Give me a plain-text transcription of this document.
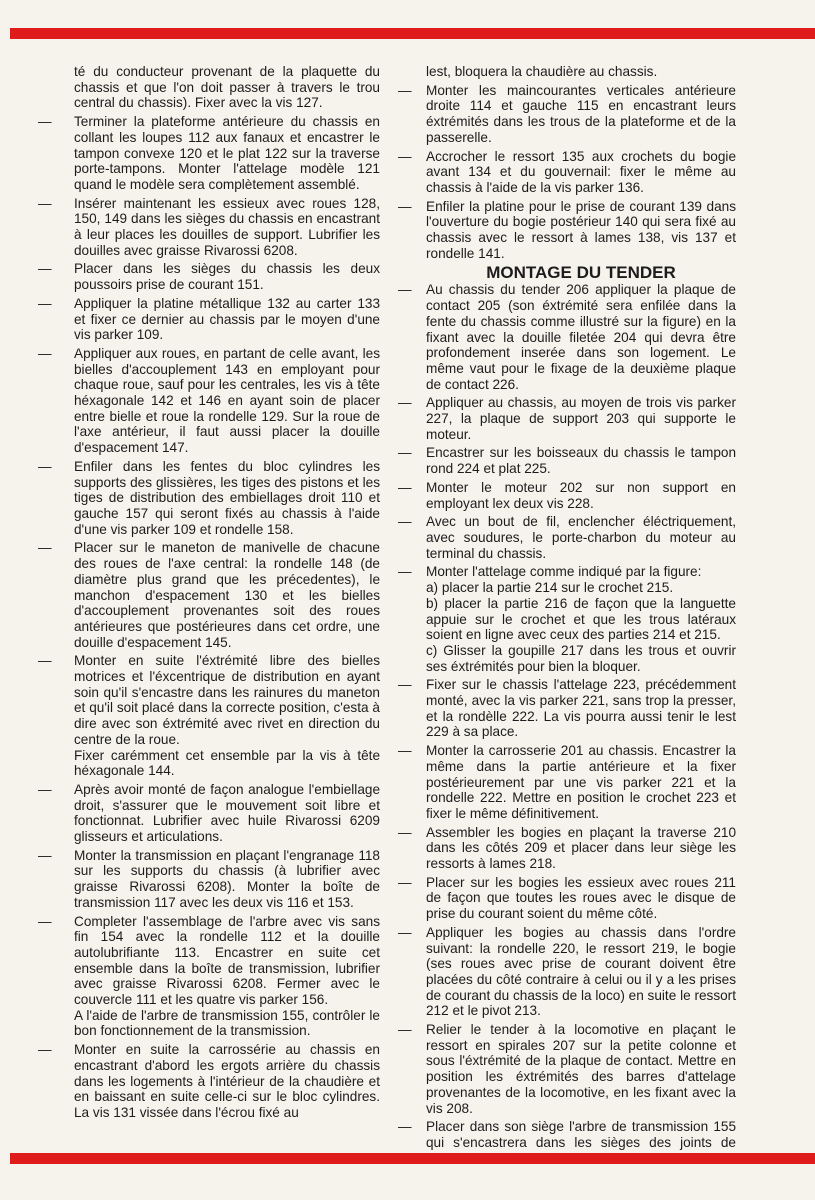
té du conducteur provenant de la plaquette du chassis et que l'on doit passer à travers le trou central du chassis). Fixer avec la vis 127.

— Terminer la plateforme antérieure du chassis en collant les loupes 112 aux fanaux et encastrer le tampon convexe 120 et le plat 122 sur la traverse porte-tampons. Monter l'attelage modèle 121 quand le modèle sera complètement assemblé.

— Insérer maintenant les essieux avec roues 128, 150, 149 dans les sièges du chassis en encastrant à leur places les douilles de support. Lubrifier les douilles avec graisse Rivarossi 6208.

— Placer dans les sièges du chassis les deux poussoirs prise de courant 151.

— Appliquer la platine métallique 132 au carter 133 et fixer ce dernier au chassis par le moyen d'une vis parker 109.

— Appliquer aux roues, en partant de celle avant, les bielles d'accouplement 143 en employant pour chaque roue, sauf pour les centrales, les vis à tête héxagonale 142 et 146 en ayant soin de placer entre bielle et roue la rondelle 129. Sur la roue de l'axe antérieur, il faut aussi placer la douille d'espacement 147.

— Enfiler dans les fentes du bloc cylindres les supports des glissières, les tiges des pistons et les tiges de distribution des embiellages droit 110 et gauche 157 qui seront fixés au chassis à l'aide d'une vis parker 109 et rondelle 158.

— Placer sur le maneton de manivelle de chacune des roues de l'axe central: la rondelle 148 (de diamètre plus grand que les précedentes), le manchon d'espacement 130 et les bielles d'accouplement provenantes soit des roues antérieures que postérieures dans cet ordre, une douille d'espacement 145.

— Monter en suite l'éxtrémité libre des bielles motrices et l'éxcentrique de distribution en ayant soin qu'il s'encastre dans les rainures du maneton et qu'il soit placé dans la correcte position, c'esta à dire avec son éxtrémité avec rivet en direction du centre de la roue.

Fixer carémment cet ensemble par la vis à tête héxagonale 144.

— Après avoir monté de façon analogue l'embiellage droit, s'assurer que le mouvement soit libre et fonctionnat. Lubrifier avec huile Rivarossi 6209 glisseurs et articulations.

— Monter la transmission en plaçant l'engranage 118 sur les supports du chassis (à lubrifier avec graisse Rivarossi 6208). Monter la boîte de transmission 117 avec les deux vis 116 et 153.

— Completer l'assemblage de l'arbre avec vis sans fin 154 avec la rondelle 112 et la douille autolubrifiante 113. Encastrer en suite cet ensemble dans la boîte de transmission, lubrifier avec graisse Rivarossi 6208. Fermer avec le couvercle 111 et les quatre vis parker 156.

A l'aide de l'arbre de transmission 155, contrôler le bon fonctionnement de la transmission.

— Monter en suite la carrossérie au chassis en encastrant d'abord les ergots arrière du chassis dans les logements à l'intérieur de la chaudière et en baissant en suite celle-ci sur le bloc cylindres. La vis 131 vissée dans l'écrou fixé au

lest, bloquera la chaudière au chassis.

— Monter les maincourantes verticales antérieure droite 114 et gauche 115 en encastrant leurs éxtrémités dans les trous de la plateforme et de la passerelle.

— Accrocher le ressort 135 aux crochets du bogie avant 134 et du gouvernail: fixer le même au chassis à l'aide de la vis parker 136.

— Enfiler la platine pour le prise de courant 139 dans l'ouverture du bogie postérieur 140 qui sera fixé au chassis avec le ressort à lames 138, vis 137 et rondelle 141.

MONTAGE DU TENDER
— Au chassis du tender 206 appliquer la plaque de contact 205 (son éxtrémité sera enfilée dans la fente du chassis comme illustré sur la figure) en la fixant avec la douille filetée 204 qui devra être profondement inserée dans son logement. Le même vaut pour le fixage de la deuxième plaque de contact 226.

— Appliquer au chassis, au moyen de trois vis parker 227, la plaque de support 203 qui supporte le moteur.

— Encastrer sur les boisseaux du chassis le tampon rond 224 et plat 225.

— Monter le moteur 202 sur non support en employant lex deux vis 228.

— Avec un bout de fil, enclencher éléctriquement, avec soudures, le porte-charbon du moteur au terminal du chassis.

— Monter l'attelage comme indiqué par la figure:

a) placer la partie 214 sur le crochet 215.

b) placer la partie 216 de façon que la languette appuie sur le crochet et que les trous latéraux soient en ligne avec ceux des parties 214 et 215.

c) Glisser la goupille 217 dans les trous et ouvrir ses éxtrémités pour bien la bloquer.

— Fixer sur le chassis l'attelage 223, précédemment monté, avec la vis parker 221, sans trop la presser, et la rondèlle 222. La vis pourra aussi tenir le lest 229 à sa place.

— Monter la carrosserie 201 au chassis. Encastrer la même dans la partie antérieure et la fixer postérieurement par une vis parker 221 et la rondelle 222. Mettre en position le crochet 223 et fixer le même définitivement.

— Assembler les bogies en plaçant la traverse 210 dans les côtés 209 et placer dans leur siège les ressorts à lames 218.

— Placer sur les bogies les essieux avec roues 211 de façon que toutes les roues avec le disque de prise du courant soient du même côté.

— Appliquer les bogies au chassis dans l'ordre suivant: la rondelle 220, le ressort 219, le bogie (ses roues avec prise de courant doivent être placées du côté contraire à celui ou il y a les prises de courant du chassis de la loco) en suite le ressort 212 et le pivot 213.

— Relier le tender à la locomotive en plaçant le ressort en spirales 207 sur la petite colonne et sous l'éxtrémité de la plaque de contact. Mettre en position les éxtrémités des barres d'attelage provenantes de la locomotive, en les fixant avec la vis 208.

— Placer dans son siège l'arbre de transmission 155 qui s'encastrera dans les sièges des joints de
